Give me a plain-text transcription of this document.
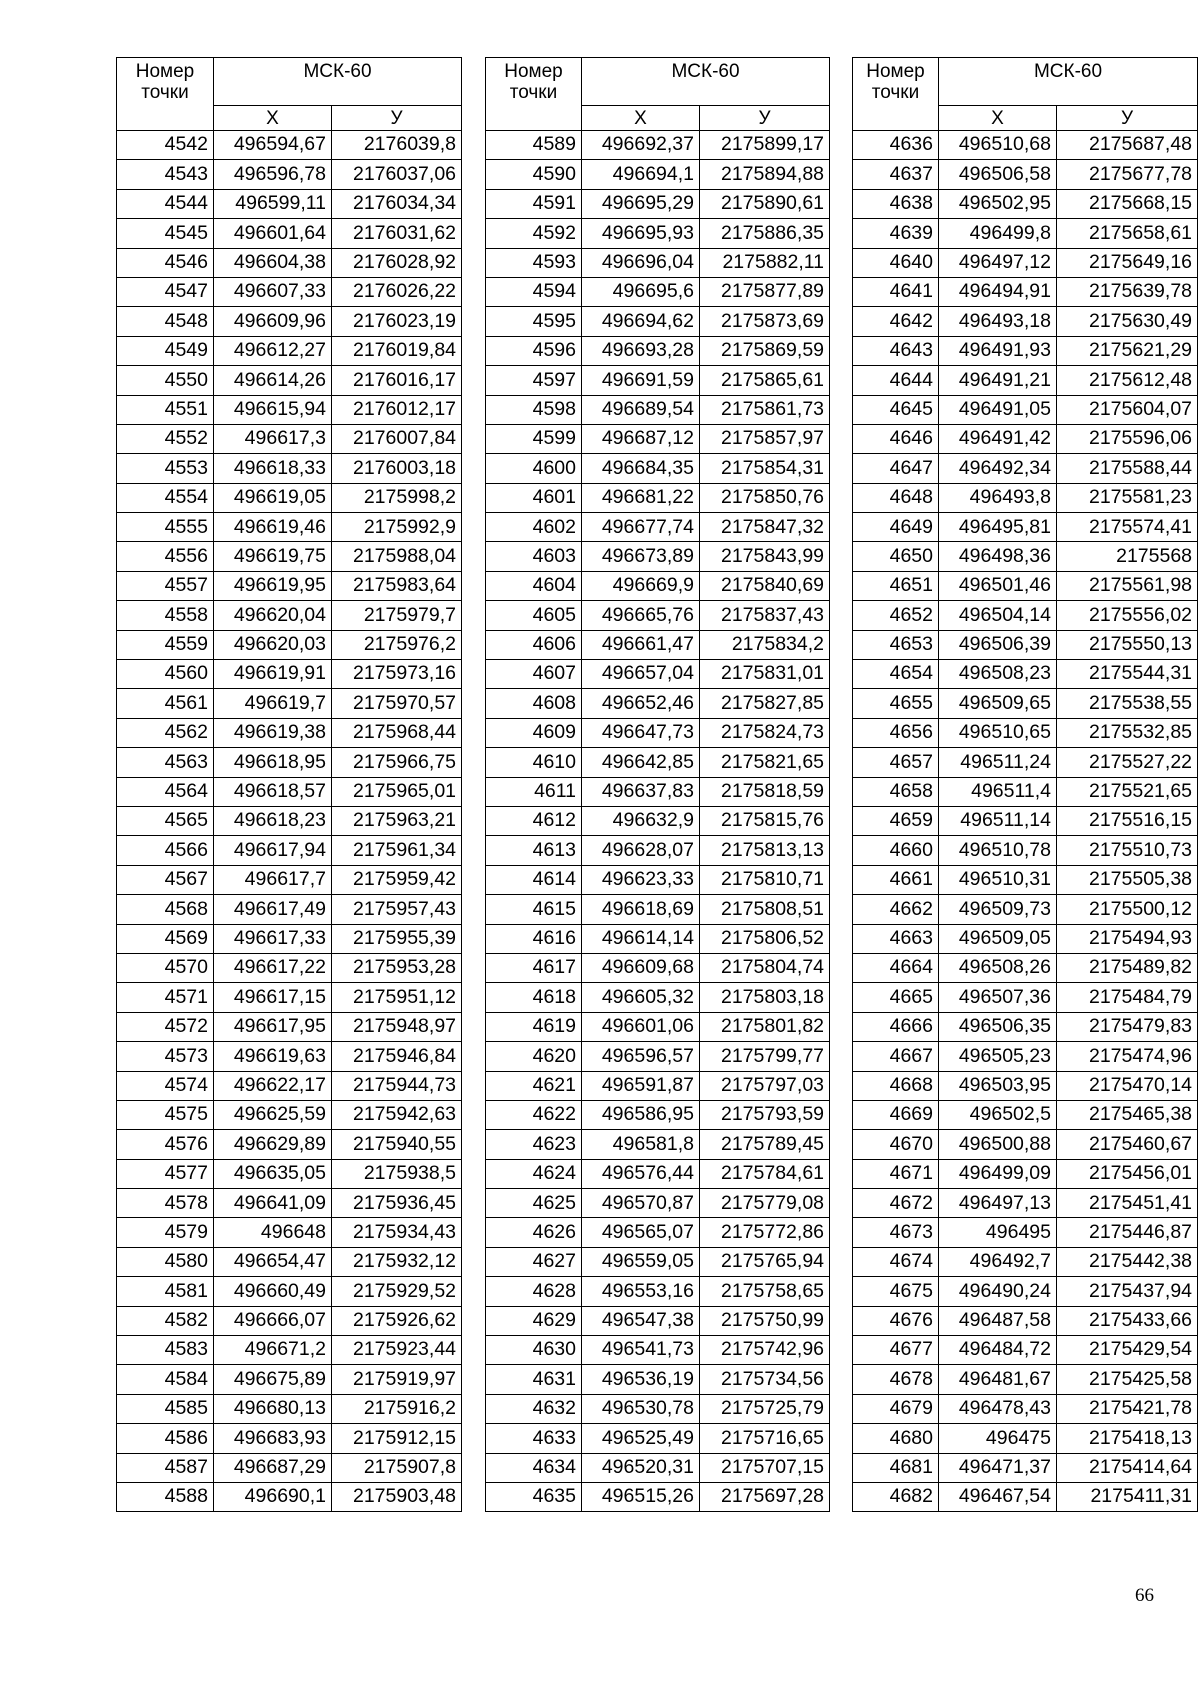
Номер точки	МСК-60	
	Х	У
4542	496594,67	2176039,8
4543	496596,78	2176037,06
4544	496599,11	2176034,34
4545	496601,64	2176031,62
4546	496604,38	2176028,92
4547	496607,33	2176026,22
4548	496609,96	2176023,19
4549	496612,27	2176019,84
4550	496614,26	2176016,17
4551	496615,94	2176012,17
4552	496617,3	2176007,84
4553	496618,33	2176003,18
4554	496619,05	2175998,2
4555	496619,46	2175992,9
4556	496619,75	2175988,04
4557	496619,95	2175983,64
4558	496620,04	2175979,7
4559	496620,03	2175976,2
4560	496619,91	2175973,16
4561	496619,7	2175970,57
4562	496619,38	2175968,44
4563	496618,95	2175966,75
4564	496618,57	2175965,01
4565	496618,23	2175963,21
4566	496617,94	2175961,34
4567	496617,7	2175959,42
4568	496617,49	2175957,43
4569	496617,33	2175955,39
4570	496617,22	2175953,28
4571	496617,15	2175951,12
4572	496617,95	2175948,97
4573	496619,63	2175946,84
4574	496622,17	2175944,73
4575	496625,59	2175942,63
4576	496629,89	2175940,55
4577	496635,05	2175938,5
4578	496641,09	2175936,45
4579	496648	2175934,43
4580	496654,47	2175932,12
4581	496660,49	2175929,52
4582	496666,07	2175926,62
4583	496671,2	2175923,44
4584	496675,89	2175919,97
4585	496680,13	2175916,2
4586	496683,93	2175912,15
4587	496687,29	2175907,8
4588	496690,1	2175903,48
Номер точки	МСК-60	
	Х	У
4589	496692,37	2175899,17
4590	496694,1	2175894,88
4591	496695,29	2175890,61
4592	496695,93	2175886,35
4593	496696,04	2175882,11
4594	496695,6	2175877,89
4595	496694,62	2175873,69
4596	496693,28	2175869,59
4597	496691,59	2175865,61
4598	496689,54	2175861,73
4599	496687,12	2175857,97
4600	496684,35	2175854,31
4601	496681,22	2175850,76
4602	496677,74	2175847,32
4603	496673,89	2175843,99
4604	496669,9	2175840,69
4605	496665,76	2175837,43
4606	496661,47	2175834,2
4607	496657,04	2175831,01
4608	496652,46	2175827,85
4609	496647,73	2175824,73
4610	496642,85	2175821,65
4611	496637,83	2175818,59
4612	496632,9	2175815,76
4613	496628,07	2175813,13
4614	496623,33	2175810,71
4615	496618,69	2175808,51
4616	496614,14	2175806,52
4617	496609,68	2175804,74
4618	496605,32	2175803,18
4619	496601,06	2175801,82
4620	496596,57	2175799,77
4621	496591,87	2175797,03
4622	496586,95	2175793,59
4623	496581,8	2175789,45
4624	496576,44	2175784,61
4625	496570,87	2175779,08
4626	496565,07	2175772,86
4627	496559,05	2175765,94
4628	496553,16	2175758,65
4629	496547,38	2175750,99
4630	496541,73	2175742,96
4631	496536,19	2175734,56
4632	496530,78	2175725,79
4633	496525,49	2175716,65
4634	496520,31	2175707,15
4635	496515,26	2175697,28
Номер точки	МСК-60	
	Х	У
4636	496510,68	2175687,48
4637	496506,58	2175677,78
4638	496502,95	2175668,15
4639	496499,8	2175658,61
4640	496497,12	2175649,16
4641	496494,91	2175639,78
4642	496493,18	2175630,49
4643	496491,93	2175621,29
4644	496491,21	2175612,48
4645	496491,05	2175604,07
4646	496491,42	2175596,06
4647	496492,34	2175588,44
4648	496493,8	2175581,23
4649	496495,81	2175574,41
4650	496498,36	2175568
4651	496501,46	2175561,98
4652	496504,14	2175556,02
4653	496506,39	2175550,13
4654	496508,23	2175544,31
4655	496509,65	2175538,55
4656	496510,65	2175532,85
4657	496511,24	2175527,22
4658	496511,4	2175521,65
4659	496511,14	2175516,15
4660	496510,78	2175510,73
4661	496510,31	2175505,38
4662	496509,73	2175500,12
4663	496509,05	2175494,93
4664	496508,26	2175489,82
4665	496507,36	2175484,79
4666	496506,35	2175479,83
4667	496505,23	2175474,96
4668	496503,95	2175470,14
4669	496502,5	2175465,38
4670	496500,88	2175460,67
4671	496499,09	2175456,01
4672	496497,13	2175451,41
4673	496495	2175446,87
4674	496492,7	2175442,38
4675	496490,24	2175437,94
4676	496487,58	2175433,66
4677	496484,72	2175429,54
4678	496481,67	2175425,58
4679	496478,43	2175421,78
4680	496475	2175418,13
4681	496471,37	2175414,64
4682	496467,54	2175411,31
66
